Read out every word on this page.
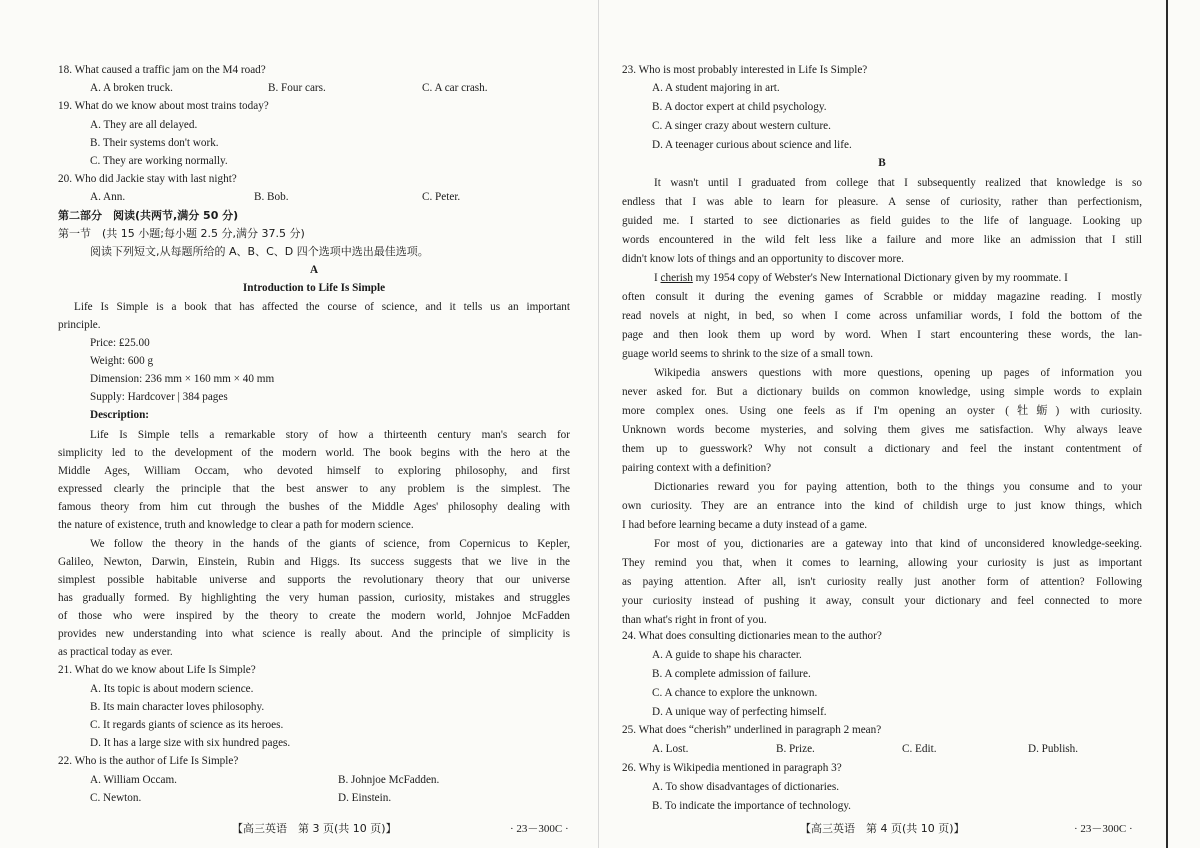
18. What caused a traffic jam on the M4 road?
A. A broken truck.	B. Four cars.	C. A car crash.
19. What do we know about most trains today?
A. They are all delayed.
B. Their systems don't work.
C. They are working normally.
20. Who did Jackie stay with last night?
A. Ann.	B. Bob.	C. Peter.
第二部分　阅读(共两节,满分 50 分)
第一节　(共 15 小题;每小题 2.5 分,满分 37.5 分)
阅读下列短文,从每题所给的 A、B、C、D 四个选项中选出最佳选项。
A
Introduction to Life Is Simple
Life Is Simple is a book that has affected the course of science, and it tells us an important
principle.
Price: ₤25.00
Weight: 600 g
Dimension: 236 mm × 160 mm × 40 mm
Supply: Hardcover | 384 pages
Description:
Life Is Simple tells a remarkable story of how a thirteenth century man's search for
simplicity led to the development of the modern world. The book begins with the hero at the
Middle Ages, William Occam, who devoted himself to exploring philosophy, and first
expressed clearly the principle that the best answer to any problem is the simplest. The
famous theory from him cut through the bushes of the Middle Ages' philosophy dealing with
the nature of existence, truth and knowledge to clear a path for modern science.
We follow the theory in the hands of the giants of science, from Copernicus to Kepler,
Galileo, Newton, Darwin, Einstein, Rubin and Higgs. Its success suggests that we live in the
simplest possible habitable universe and supports the revolutionary theory that our universe
has gradually formed. By highlighting the very human passion, curiosity, mistakes and struggles
of those who were inspired by the theory to create the modern world, Johnjoe McFadden
provides new understanding into what science is really about. And the principle of simplicity is
as practical today as ever.
21. What do we know about Life Is Simple?
A. Its topic is about modern science.
B. Its main character loves philosophy.
C. It regards giants of science as its heroes.
D. It has a large size with six hundred pages.
22. Who is the author of Life Is Simple?
A. William Occam.	B. Johnjoe McFadden.
C. Newton.	D. Einstein.
【高三英语　第 3 页(共 10 页)】	· 23－300C ·
23. Who is most probably interested in Life Is Simple?
A. A student majoring in art.
B. A doctor expert at child psychology.
C. A singer crazy about western culture.
D. A teenager curious about science and life.
B
It wasn't until I graduated from college that I subsequently realized that knowledge is so
endless that I was able to learn for pleasure. A sense of curiosity, rather than perfectionism,
guided me. I started to see dictionaries as field guides to the life of language. Looking up
words encountered in the wild felt less like a failure and more like an admission that I still
didn't know lots of things and an opportunity to discover more.
I cherish my 1954 copy of Webster's New International Dictionary given by my roommate. I
often consult it during the evening games of Scrabble or midday magazine reading. I mostly
read novels at night, in bed, so when I come across unfamiliar words, I fold the bottom of the
page and then look them up word by word. When I start encountering these words, the lan-
guage world seems to shrink to the size of a small town.
Wikipedia answers questions with more questions, opening up pages of information you
never asked for. But a dictionary builds on common knowledge, using simple words to explain
more complex ones. Using one feels as if I'm opening an oyster (牡蛎) with curiosity.
Unknown words become mysteries, and solving them gives me satisfaction. Why always leave
them up to guesswork? Why not consult a dictionary and feel the instant contentment of
pairing context with a definition?
Dictionaries reward you for paying attention, both to the things you consume and to your
own curiosity. They are an entrance into the kind of childish urge to just know things, which
I had before learning became a duty instead of a game.
For most of you, dictionaries are a gateway into that kind of unconsidered knowledge-seeking.
They remind you that, when it comes to learning, allowing your curiosity is just as important
as paying attention. After all, isn't curiosity really just another form of attention? Following
your curiosity instead of pushing it away, consult your dictionary and feel connected to more
than what's right in front of you.
24. What does consulting dictionaries mean to the author?
A. A guide to shape his character.
B. A complete admission of failure.
C. A chance to explore the unknown.
D. A unique way of perfecting himself.
25. What does “cherish” underlined in paragraph 2 mean?
A. Lost.	B. Prize.	C. Edit.	D. Publish.
26. Why is Wikipedia mentioned in paragraph 3?
A. To show disadvantages of dictionaries.
B. To indicate the importance of technology.
【高三英语　第 4 页(共 10 页)】	· 23－300C ·
